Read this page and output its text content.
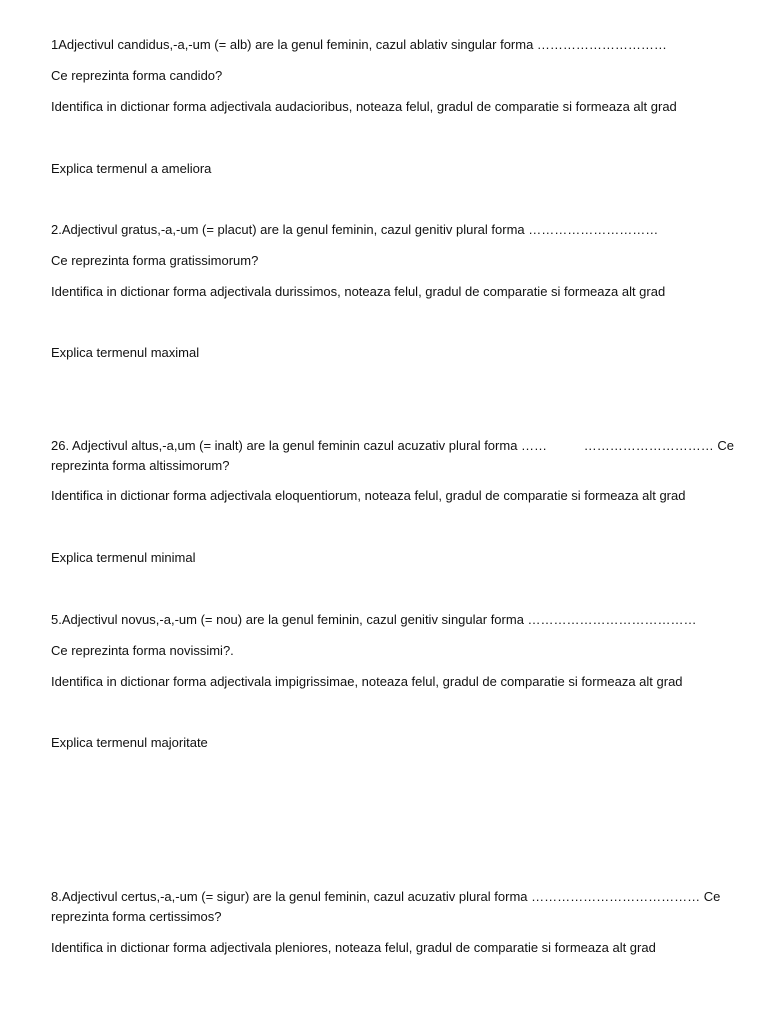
1Adjectivul candidus,-a,-um (= alb) are la genul feminin, cazul ablativ singular forma …………………………
Ce reprezinta forma candido?
Identifica in dictionar forma adjectivala audacioribus, noteaza felul, gradul de comparatie si formeaza alt grad
Explica termenul a ameliora
2.Adjectivul gratus,-a,-um (= placut) are la genul feminin, cazul genitiv plural forma …………………………
Ce reprezinta forma gratissimorum?
Identifica in dictionar forma adjectivala durissimos, noteaza felul, gradul de comparatie si formeaza alt grad
Explica termenul maximal
26. Adjectivul altus,-a,um (= inalt) are la genul feminin cazul acuzativ plural forma ……	………………………… Ce
reprezinta forma altissimorum?
Identifica in dictionar forma adjectivala eloquentiorum, noteaza felul, gradul de comparatie si formeaza alt grad
Explica termenul minimal
5.Adjectivul novus,-a,-um (= nou) are la genul feminin, cazul genitiv singular forma …………………………………
Ce reprezinta forma novissimi?.
Identifica in dictionar forma adjectivala impigrissimae, noteaza felul, gradul de comparatie si formeaza alt grad
Explica termenul majoritate
8.Adjectivul certus,-a,-um (= sigur) are la genul feminin, cazul acuzativ plural forma ………………………………… Ce
reprezinta forma certissimos?
Identifica in dictionar forma adjectivala pleniores, noteaza felul, gradul de comparatie si formeaza alt grad
